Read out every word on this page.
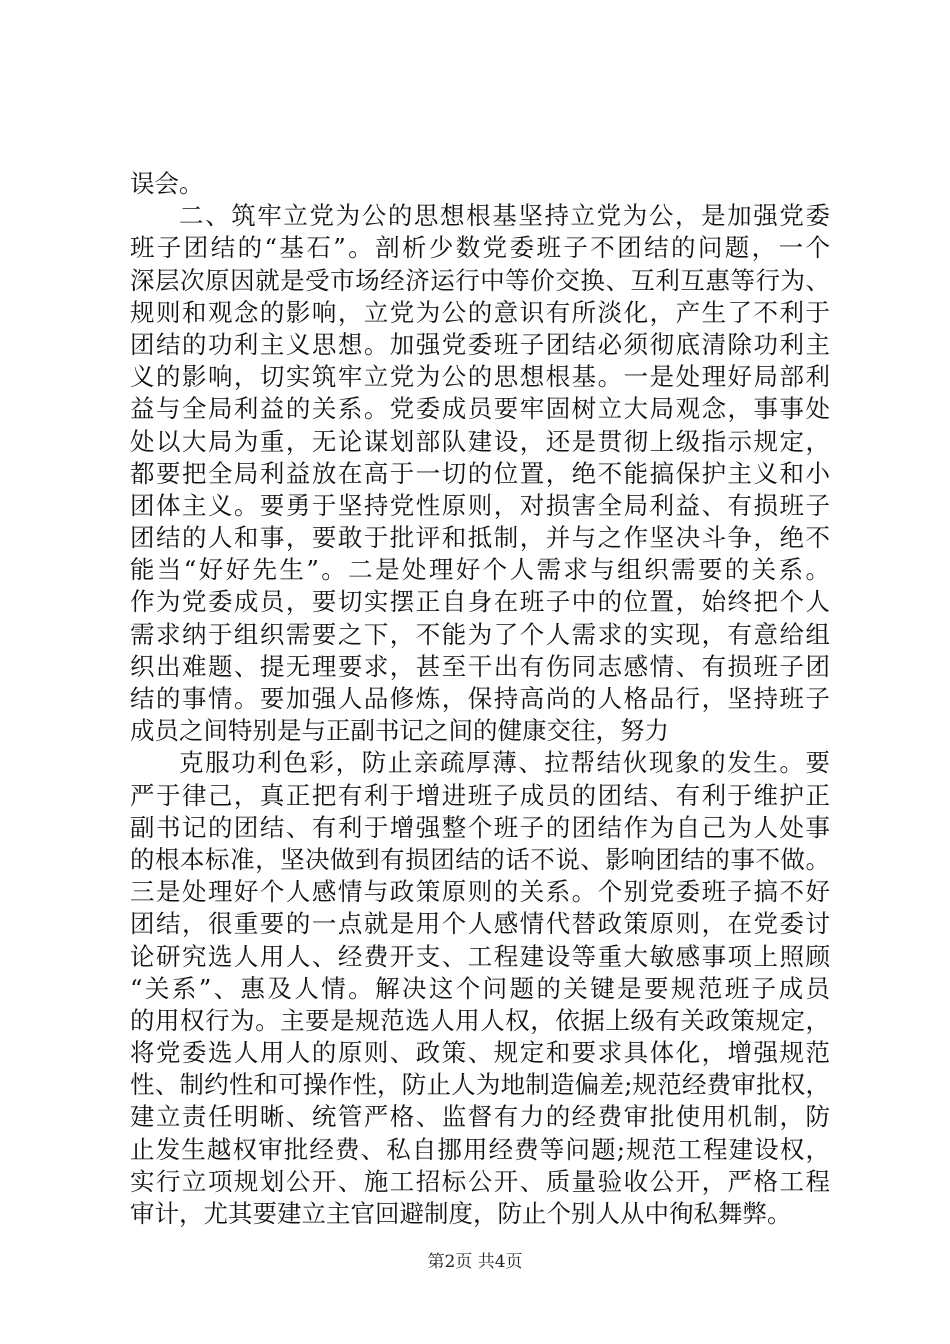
误会。
二、筑牢立党为公的思想根基坚持立党为公，是加强党委
班子团结的“基石”。剖析少数党委班子不团结的问题，一个
深层次原因就是受市场经济运行中等价交换、互利互惠等行为、
规则和观念的影响，立党为公的意识有所淡化，产生了不利于
团结的功利主义思想。加强党委班子团结必须彻底清除功利主
义的影响，切实筑牢立党为公的思想根基。一是处理好局部利
益与全局利益的关系。党委成员要牢固树立大局观念，事事处
处以大局为重，无论谋划部队建设，还是贯彻上级指示规定，
都要把全局利益放在高于一切的位置，绝不能搞保护主义和小
团体主义。要勇于坚持党性原则，对损害全局利益、有损班子
团结的人和事，要敢于批评和抵制，并与之作坚决斗争，绝不
能当“好好先生”。二是处理好个人需求与组织需要的关系。
作为党委成员，要切实摆正自身在班子中的位置，始终把个人
需求纳于组织需要之下，不能为了个人需求的实现，有意给组
织出难题、提无理要求，甚至干出有伤同志感情、有损班子团
结的事情。要加强人品修炼，保持高尚的人格品行，坚持班子
成员之间特别是与正副书记之间的健康交往，努力
克服功利色彩，防止亲疏厚薄、拉帮结伙现象的发生。要
严于律己，真正把有利于增进班子成员的团结、有利于维护正
副书记的团结、有利于增强整个班子的团结作为自己为人处事
的根本标准，坚决做到有损团结的话不说、影响团结的事不做。
三是处理好个人感情与政策原则的关系。个别党委班子搞不好
团结，很重要的一点就是用个人感情代替政策原则，在党委讨
论研究选人用人、经费开支、工程建设等重大敏感事项上照顾
“关系”、惠及人情。解决这个问题的关键是要规范班子成员
的用权行为。主要是规范选人用人权，依据上级有关政策规定，
将党委选人用人的原则、政策、规定和要求具体化，增强规范
性、制约性和可操作性，防止人为地制造偏差;规范经费审批权，
建立责任明晰、统管严格、监督有力的经费审批使用机制，防
止发生越权审批经费、私自挪用经费等问题;规范工程建设权，
实行立项规划公开、施工招标公开、质量验收公开，严格工程
审计，尤其要建立主官回避制度，防止个别人从中徇私舞弊。
第2页 共4页
